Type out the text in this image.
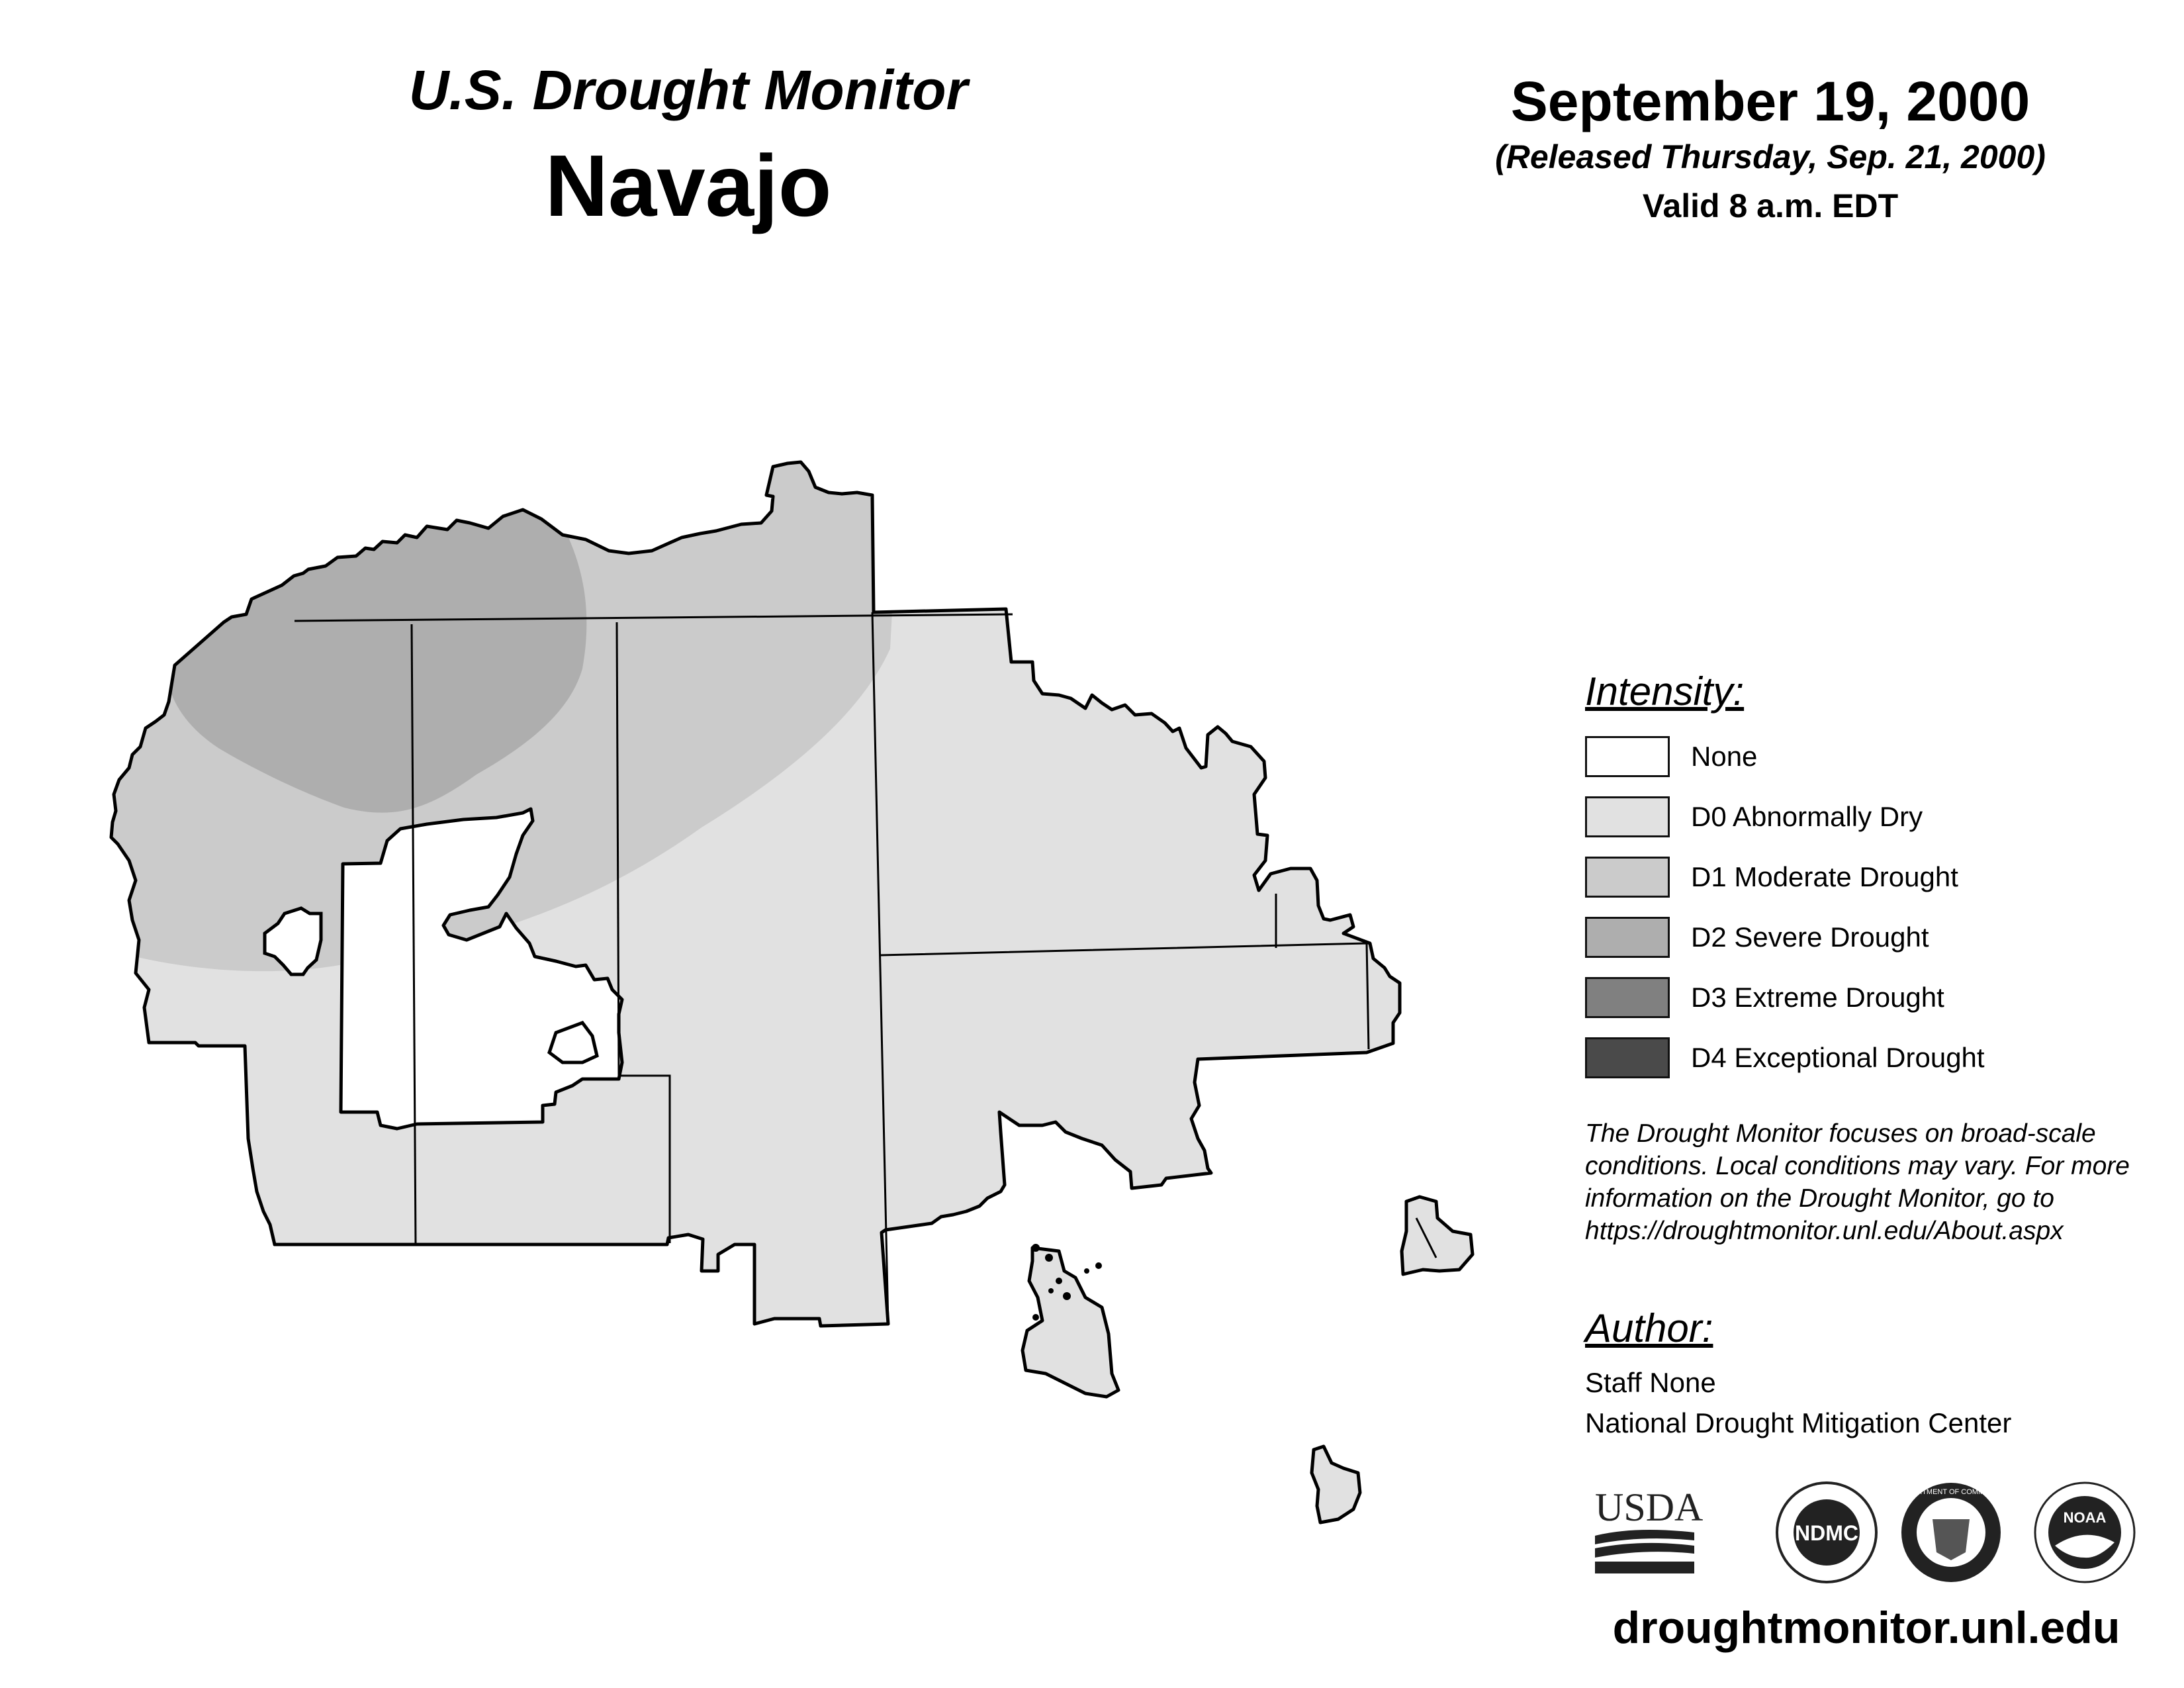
U.S. Drought Monitor
Navajo
September 19, 2000
(Released Thursday, Sep. 21, 2000)
Valid 8 a.m. EDT
Intensity:
None
D0 Abnormally Dry
D1 Moderate Drought
D2 Severe Drought
D3 Extreme Drought
D4 Exceptional Drought
The Drought Monitor focuses on broad-scale conditions. Local conditions may vary. For more information on the Drought Monitor, go to https://droughtmonitor.unl.edu/About.aspx
Author:
Staff None
National Drought Mitigation Center
USDA
NDMC
DEPARTMENT OF COMMERCE
NOAA
droughtmonitor.unl.edu
